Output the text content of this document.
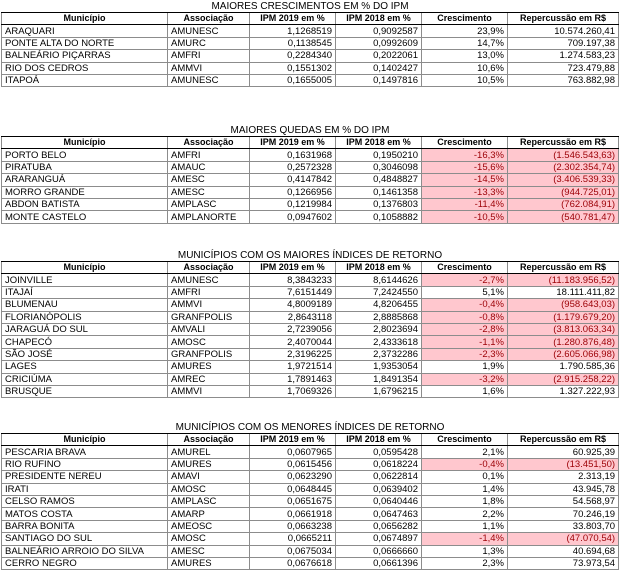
MAIORES CRESCIMENTOS EM % DO IPM					
Município	Associação	IPM 2019 em %	IPM 2018 em %	Crescimento	Repercussão em R$
ARAQUARI	AMUNESC	1,1268519	0,9092587	23,9%	10.574.260,41
PONTE ALTA DO NORTE	AMURC	0,1138545	0,0992609	14,7%	709.197,38
BALNEÁRIO PIÇARRAS	AMFRI	0,2284340	0,2022061	13,0%	1.274.583,23
RIO DOS CEDROS	AMMVI	0,1551302	0,1402427	10,6%	723.479,88
ITAPOÁ	AMUNESC	0,1655005	0,1497816	10,5%	763.882,98
MAIORES QUEDAS EM % DO IPM					
Município	Associação	IPM 2019 em %	IPM 2018 em %	Crescimento	Repercussão em R$
PORTO BELO	AMFRI	0,1631968	0,1950210	-16,3%	(1.546.543,63)
PIRATUBA	AMAUC	0,2572328	0,3046098	-15,6%	(2.302.354,74)
ARARANGUÁ	AMESC	0,4147842	0,4848827	-14,5%	(3.406.539,33)
MORRO GRANDE	AMESC	0,1266956	0,1461358	-13,3%	(944.725,01)
ABDON BATISTA	AMPLASC	0,1219984	0,1376803	-11,4%	(762.084,91)
MONTE CASTELO	AMPLANORTE	0,0947602	0,1058882	-10,5%	(540.781,47)
MUNICÍPIOS COM OS MAIORES ÍNDICES DE RETORNO					
Município	Associação	IPM 2019 em %	IPM 2018 em %	Crescimento	Repercussão em R$
JOINVILLE	AMUNESC	8,3843233	8,6144626	-2,7%	(11.183.956,52)
ITAJAÍ	AMFRI	7,6151449	7,2424550	5,1%	18.111.411,82
BLUMENAU	AMMVI	4,8009189	4,8206455	-0,4%	(958.643,03)
FLORIANÓPOLIS	GRANFPOLIS	2,8643118	2,8885868	-0,8%	(1.179.679,20)
JARAGUÁ DO SUL	AMVALI	2,7239056	2,8023694	-2,8%	(3.813.063,34)
CHAPECÓ	AMOSC	2,4070044	2,4333618	-1,1%	(1.280.876,48)
SÃO JOSÉ	GRANFPOLIS	2,3196225	2,3732286	-2,3%	(2.605.066,98)
LAGES	AMURES	1,9721514	1,9353054	1,9%	1.790.585,36
CRICIÚMA	AMREC	1,7891463	1,8491354	-3,2%	(2.915.258,22)
BRUSQUE	AMMVI	1,7069326	1,6796215	1,6%	1.327.222,93
MUNICÍPIOS COM OS MENORES ÍNDICES DE RETORNO					
Município	Associação	IPM 2019 em %	IPM 2018 em %	Crescimento	Repercussão em R$
PESCARIA BRAVA	AMUREL	0,0607965	0,0595428	2,1%	60.925,39
RIO RUFINO	AMURES	0,0615456	0,0618224	-0,4%	(13.451,50)
PRESIDENTE NEREU	AMAVI	0,0623290	0,0622814	0,1%	2.313,19
IRATI	AMOSC	0,0648445	0,0639402	1,4%	43.945,78
CELSO RAMOS	AMPLASC	0,0651675	0,0640446	1,8%	54.568,97
MATOS COSTA	AMARP	0,0661918	0,0647463	2,2%	70.246,19
BARRA BONITA	AMEOSC	0,0663238	0,0656282	1,1%	33.803,70
SANTIAGO DO SUL	AMOSC	0,0665211	0,0674897	-1,4%	(47.070,54)
BALNEÁRIO ARROIO DO SILVA	AMESC	0,0675034	0,0666660	1,3%	40.694,68
CERRO NEGRO	AMURES	0,0676618	0,0661396	2,3%	73.973,54
